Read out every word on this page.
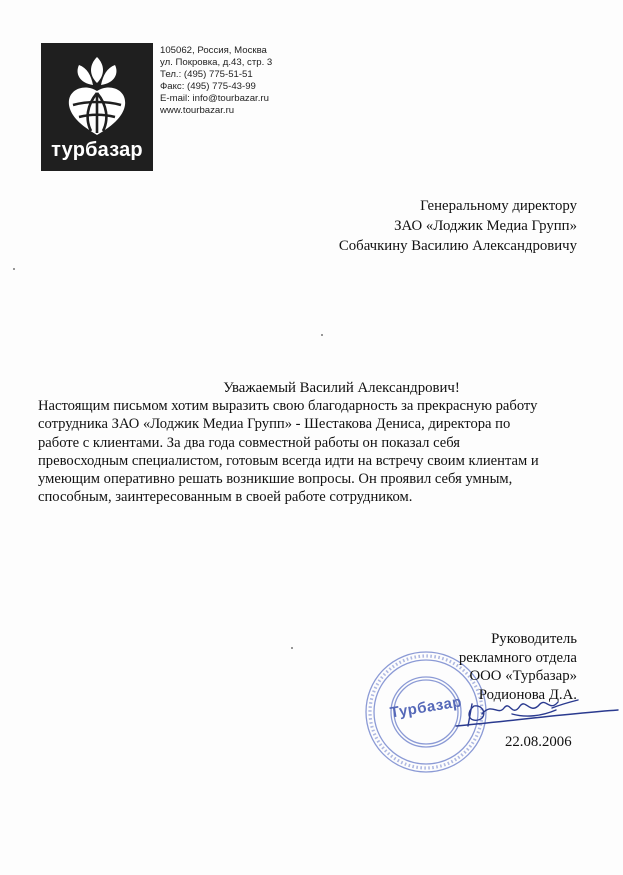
турбазар
105062, Россия, Москва
ул. Покровка, д.43, стр. 3
Тел.: (495) 775-51-51
Факс: (495) 775-43-99
E-mail: info@tourbazar.ru
www.tourbazar.ru
Генеральному директору
ЗАО «Лоджик Медиа Групп»
Собачкину Василию Александровичу
Уважаемый Василий Александрович!

Настоящим письмом хотим выразить свою благодарность за прекрасную работу
сотрудника ЗАО «Лоджик Медиа Групп» - Шестакова Дениса, директора по
работе с клиентами. За два года совместной работы он показал себя
превосходным специалистом, готовым всегда идти на встречу своим клиентам и
умеющим оперативно решать возникшие вопросы. Он проявил себя умным,
способным, заинтересованным в своей работе сотрудником.

Турбазар
Руководитель
рекламного отдела
ООО «Турбазар»
Родионова Д.А.
22.08.2006
